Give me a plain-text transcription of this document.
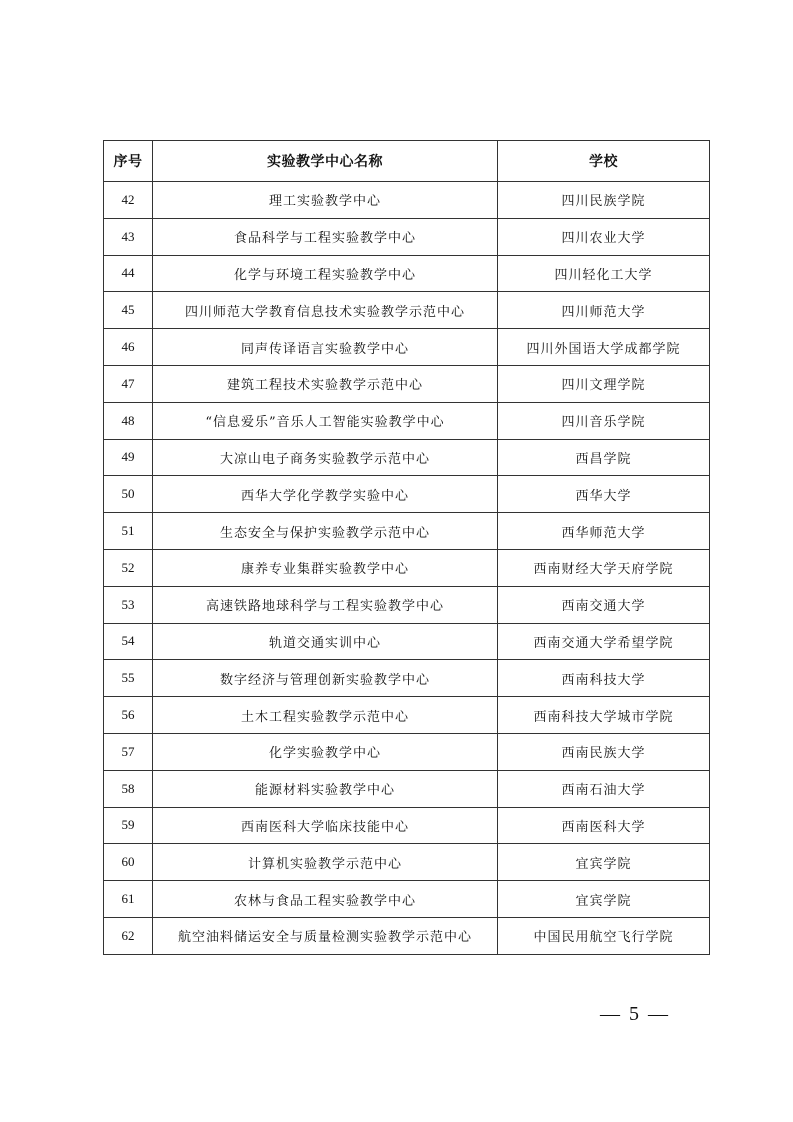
序号	实验教学中心名称	学校
42	理工实验教学中心	四川民族学院
43	食品科学与工程实验教学中心	四川农业大学
44	化学与环境工程实验教学中心	四川轻化工大学
45	四川师范大学教育信息技术实验教学示范中心	四川师范大学
46	同声传译语言实验教学中心	四川外国语大学成都学院
47	建筑工程技术实验教学示范中心	四川文理学院
48	“信息爱乐”音乐人工智能实验教学中心	四川音乐学院
49	大凉山电子商务实验教学示范中心	西昌学院
50	西华大学化学教学实验中心	西华大学
51	生态安全与保护实验教学示范中心	西华师范大学
52	康养专业集群实验教学中心	西南财经大学天府学院
53	高速铁路地球科学与工程实验教学中心	西南交通大学
54	轨道交通实训中心	西南交通大学希望学院
55	数字经济与管理创新实验教学中心	西南科技大学
56	土木工程实验教学示范中心	西南科技大学城市学院
57	化学实验教学中心	西南民族大学
58	能源材料实验教学中心	西南石油大学
59	西南医科大学临床技能中心	西南医科大学
60	计算机实验教学示范中心	宜宾学院
61	农林与食品工程实验教学中心	宜宾学院
62	航空油料储运安全与质量检测实验教学示范中心	中国民用航空飞行学院
— 5 —
